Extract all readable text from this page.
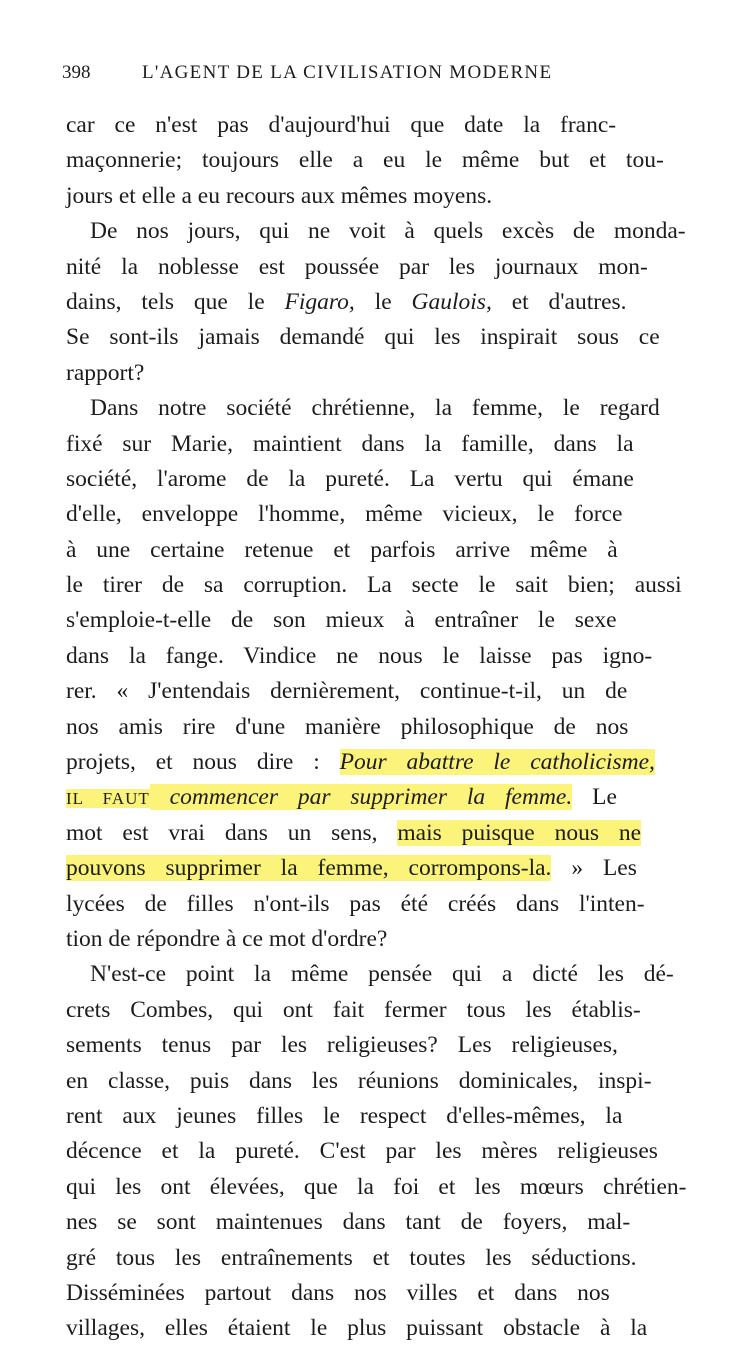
398	L'AGENT DE LA CIVILISATION MODERNE
car ce n'est pas d'aujourd'hui que date la franc-
maçonnerie; toujours elle a eu le même but et tou-
jours et elle a eu recours aux mêmes moyens.
De nos jours, qui ne voit à quels excès de monda-
nité la noblesse est poussée par les journaux mon-
dains, tels que le Figaro, le Gaulois, et d'autres.
Se sont-ils jamais demandé qui les inspirait sous ce
rapport?
Dans notre société chrétienne, la femme, le regard
fixé sur Marie, maintient dans la famille, dans la
société, l'arome de la pureté. La vertu qui émane
d'elle, enveloppe l'homme, même vicieux, le force
à une certaine retenue et parfois arrive même à
le tirer de sa corruption. La secte le sait bien; aussi
s'emploie-t-elle de son mieux à entraîner le sexe
dans la fange. Vindice ne nous le laisse pas igno-
rer. « J'entendais dernièrement, continue-t-il, un de
nos amis rire d'une manière philosophique de nos
projets, et nous dire : Pour abattre le catholicisme,
IL FAUT commencer par supprimer la femme. Le
mot est vrai dans un sens, mais puisque nous ne
pouvons supprimer la femme, corrompons-la. » Les
lycées de filles n'ont-ils pas été créés dans l'inten-
tion de répondre à ce mot d'ordre?
N'est-ce point la même pensée qui a dicté les dé-
crets Combes, qui ont fait fermer tous les établis-
sements tenus par les religieuses? Les religieuses,
en classe, puis dans les réunions dominicales, inspi-
rent aux jeunes filles le respect d'elles-mêmes, la
décence et la pureté. C'est par les mères religieuses
qui les ont élevées, que la foi et les mœurs chrétien-
nes se sont maintenues dans tant de foyers, mal-
gré tous les entraînements et toutes les séductions.
Disséminées partout dans nos villes et dans nos
villages, elles étaient le plus puissant obstacle à la
